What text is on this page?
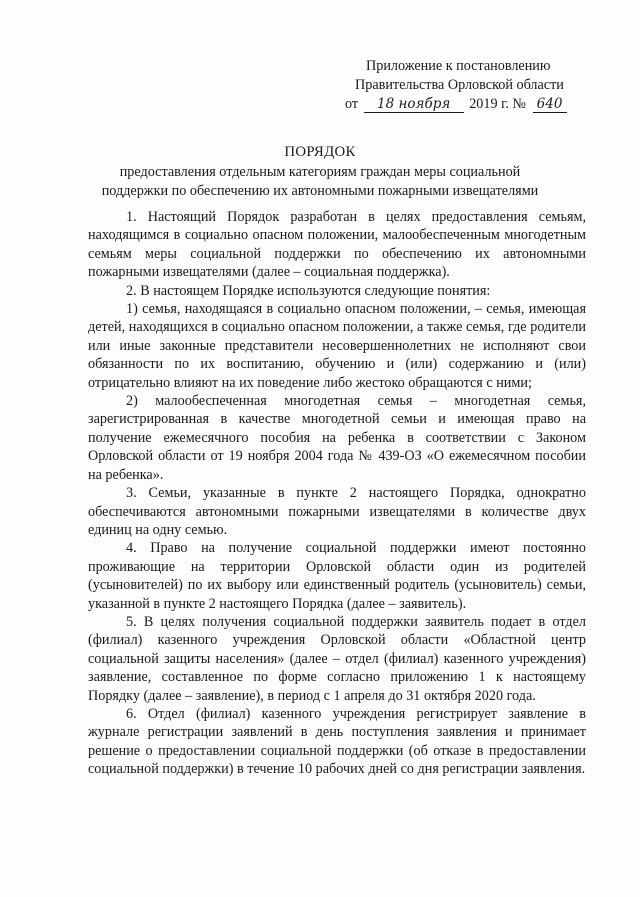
Приложение к постановлению
Правительства Орловской области
от 18 ноября 2019 г. № 640
ПОРЯДОК
предоставления отдельным категориям граждан меры социальной
поддержки по обеспечению их автономными пожарными извещателями

1. Настоящий Порядок разработан в целях предоставления семьям, находящимся в социально опасном положении, малообеспеченным многодетным семьям меры социальной поддержки по обеспечению их автономными пожарными извещателями (далее – социальная поддержка).

2. В настоящем Порядке используются следующие понятия:

1) семья, находящаяся в социально опасном положении, – семья, имеющая детей, находящихся в социально опасном положении, а также семья, где родители или иные законные представители несовершеннолетних не исполняют свои обязанности по их воспитанию, обучению и (или) содержанию и (или) отрицательно влияют на их поведение либо жестоко обращаются с ними;

2) малообеспеченная многодетная семья – многодетная семья, зарегистрированная в качестве многодетной семьи и имеющая право на получение ежемесячного пособия на ребенка в соответствии с Законом Орловской области от 19 ноября 2004 года № 439-ОЗ «О ежемесячном пособии на ребенка».

3. Семьи, указанные в пункте 2 настоящего Порядка, однократно обеспечиваются автономными пожарными извещателями в количестве двух единиц на одну семью.

4. Право на получение социальной поддержки имеют постоянно проживающие на территории Орловской области один из родителей (усыновителей) по их выбору или единственный родитель (усыновитель) семьи, указанной в пункте 2 настоящего Порядка (далее – заявитель).

5. В целях получения социальной поддержки заявитель подает в отдел (филиал) казенного учреждения Орловской области «Областной центр социальной защиты населения» (далее – отдел (филиал) казенного учреждения) заявление, составленное по форме согласно приложению 1 к настоящему Порядку (далее – заявление), в период с 1 апреля до 31 октября 2020 года.

6. Отдел (филиал) казенного учреждения регистрирует заявление в журнале регистрации заявлений в день поступления заявления и принимает решение о предоставлении социальной поддержки (об отказе в предоставлении социальной поддержки) в течение 10 рабочих дней со дня регистрации заявления.
